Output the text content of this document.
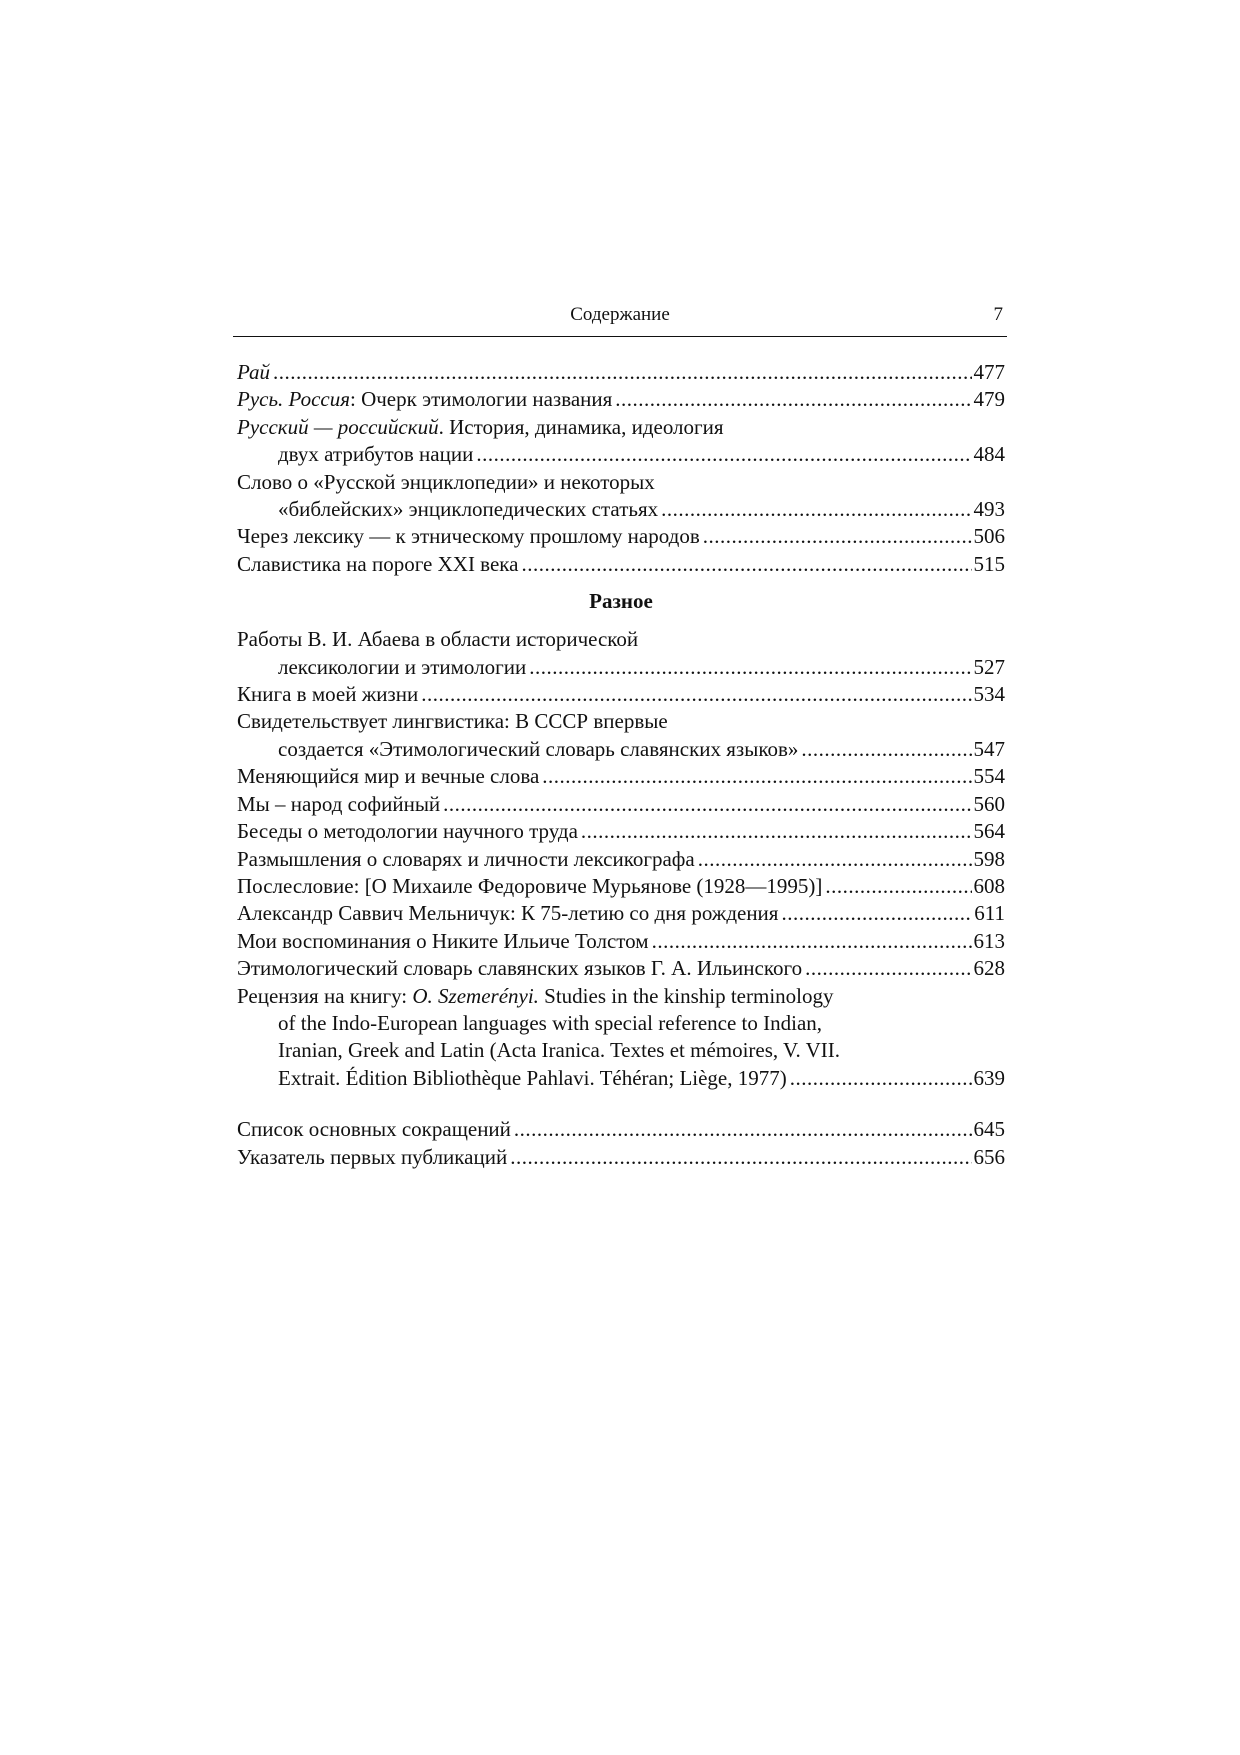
Содержание	7
Рай .....	477
Русь. Россия: Очерк этимологии названия .....	479
Русский — российский. История, динамика, идеология
двух атрибутов нации .....	484
Слово о «Русской энциклопедии» и некоторых
«библейских» энциклопедических статьях .....	493
Через лексику — к этническому прошлому народов .....	506
Славистика на пороге XXI века .....	515
Разное
Работы В. И. Абаева в области исторической
лексикологии и этимологии .....	527
Книга в моей жизни .....	534
Свидетельствует лингвистика: В СССР впервые
создается «Этимологический словарь славянских языков» .....	547
Меняющийся мир и вечные слова .....	554
Мы – народ софийный .....	560
Беседы о методологии научного труда .....	564
Размышления о словарях и личности лексикографа .....	598
Послесловие: [О Михаиле Федоровиче Мурьянове (1928—1995)] .....	608
Александр Саввич Мельничук: К 75-летию со дня рождения .....	611
Мои воспоминания о Никите Ильиче Толстом .....	613
Этимологический словарь славянских языков Г. А. Ильинского .....	628
Рецензия на книгу: O. Szemerényi. Studies in the kinship terminology
of the Indo-European languages with special reference to Indian,
Iranian, Greek and Latin (Acta Iranica. Textes et mémoires, V. VII.
Extrait. Édition Bibliothèque Pahlavi. Téhéran; Liège, 1977) .....	639
Список основных сокращений .....	645
Указатель первых публикаций .....	656
